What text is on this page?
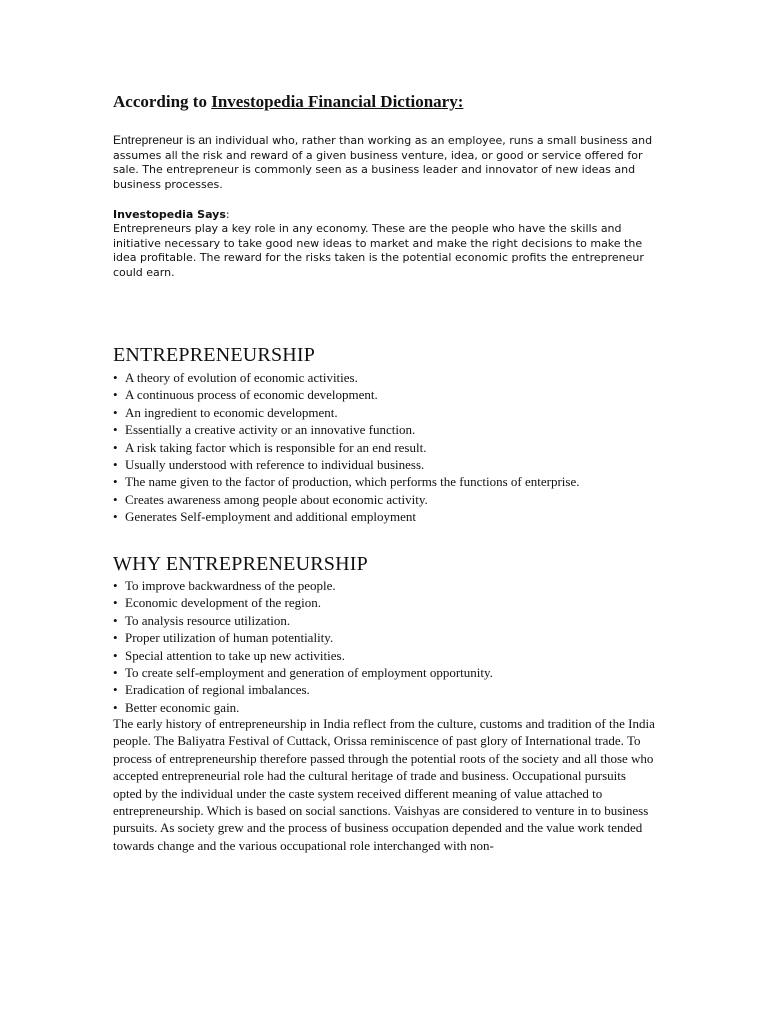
According to Investopedia Financial Dictionary:

Entrepreneur is an individual who, rather than working as an employee, runs a small business and assumes all the risk and reward of a given business venture, idea, or good or service offered for sale. The entrepreneur is commonly seen as a business leader and innovator of new ideas and business processes.

Investopedia Says:

Entrepreneurs play a key role in any economy. These are the people who have the skills and initiative necessary to take good new ideas to market and make the right decisions to make the idea profitable. The reward for the risks taken is the potential economic profits the entrepreneur could earn.

ENTREPRENEURSHIP
• A theory of evolution of economic activities.
• A continuous process of economic development.
• An ingredient to economic development.
• Essentially a creative activity or an innovative function.
• A risk taking factor which is responsible for an end result.
• Usually understood with reference to individual business.
• The name given to the factor of production, which performs the functions of enterprise.
• Creates awareness among people about economic activity.
• Generates Self-employment and additional employment
WHY ENTREPRENEURSHIP
• To improve backwardness of the people.
• Economic development of the region.
• To analysis resource utilization.
• Proper utilization of human potentiality.
• Special attention to take up new activities.
• To create self-employment and generation of employment opportunity.
• Eradication of regional imbalances.
• Better economic gain.

The early history of entrepreneurship in India reflect from the culture, customs and tradition of the India people. The Baliyatra Festival of Cuttack, Orissa reminiscence of past glory of International trade. To process of entrepreneurship therefore passed through the potential roots of the society and all those who accepted entrepreneurial role had the cultural heritage of trade and business. Occupational pursuits opted by the individual under the caste system received different meaning of value attached to entrepreneurship. Which is based on social sanctions. Vaishyas are considered to venture in to business pursuits. As society grew and the process of business occupation depended and the value work tended towards change and the various occupational role interchanged with non-
